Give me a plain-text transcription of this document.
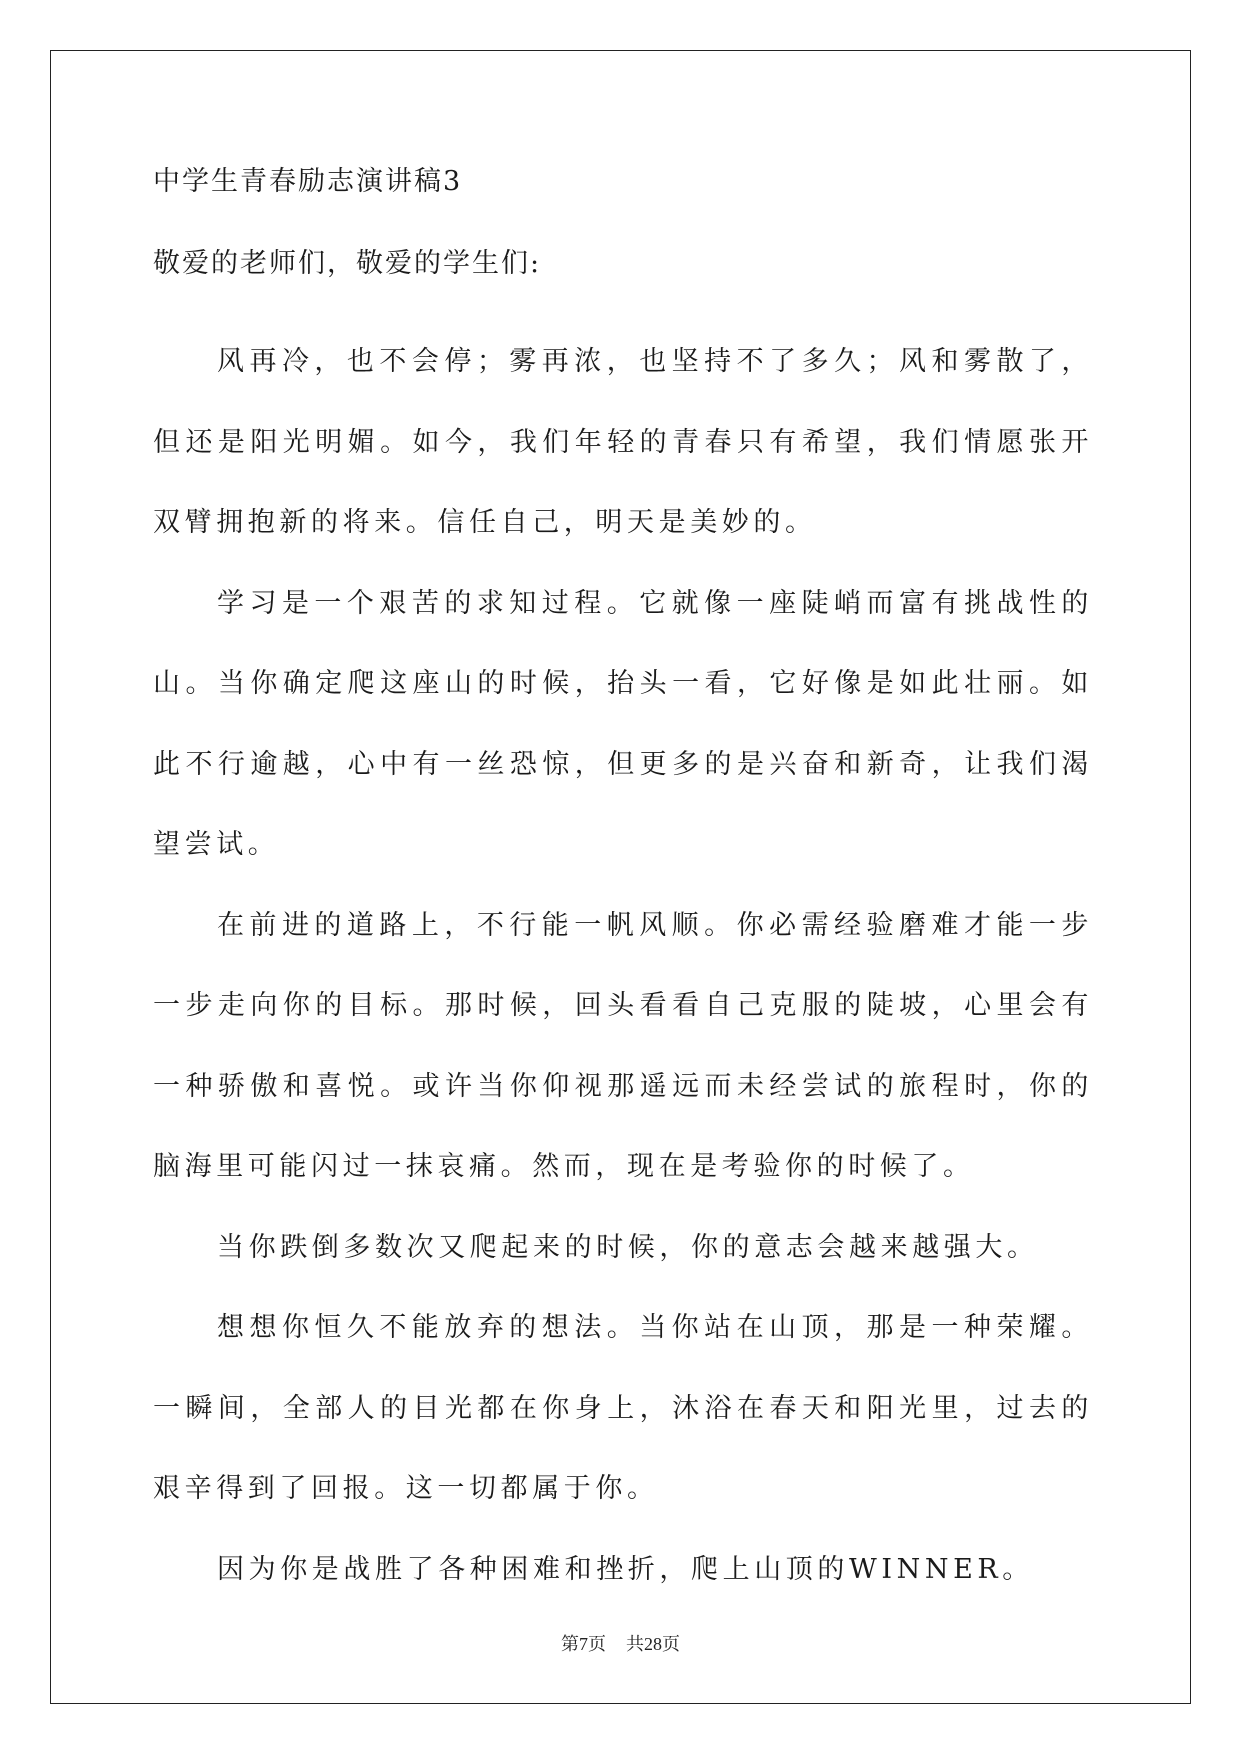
中学生青春励志演讲稿3
敬爱的老师们，敬爱的学生们:

风再冷，也不会停；雾再浓，也坚持不了多久；风和雾散了，但还是阳光明媚。如今，我们年轻的青春只有希望，我们情愿张开双臂拥抱新的将来。信任自己，明天是美妙的。

学习是一个艰苦的求知过程。它就像一座陡峭而富有挑战性的山。当你确定爬这座山的时候，抬头一看，它好像是如此壮丽。如此不行逾越，心中有一丝恐惊，但更多的是兴奋和新奇，让我们渴望尝试。

在前进的道路上，不行能一帆风顺。你必需经验磨难才能一步一步走向你的目标。那时候，回头看看自己克服的陡坡，心里会有一种骄傲和喜悦。或许当你仰视那遥远而未经尝试的旅程时，你的脑海里可能闪过一抹哀痛。然而，现在是考验你的时候了。

当你跌倒多数次又爬起来的时候，你的意志会越来越强大。

想想你恒久不能放弃的想法。当你站在山顶，那是一种荣耀。一瞬间，全部人的目光都在你身上，沐浴在春天和阳光里，过去的艰辛得到了回报。这一切都属于你。

因为你是战胜了各种困难和挫折，爬上山顶的WINNER。

第7页 共28页
